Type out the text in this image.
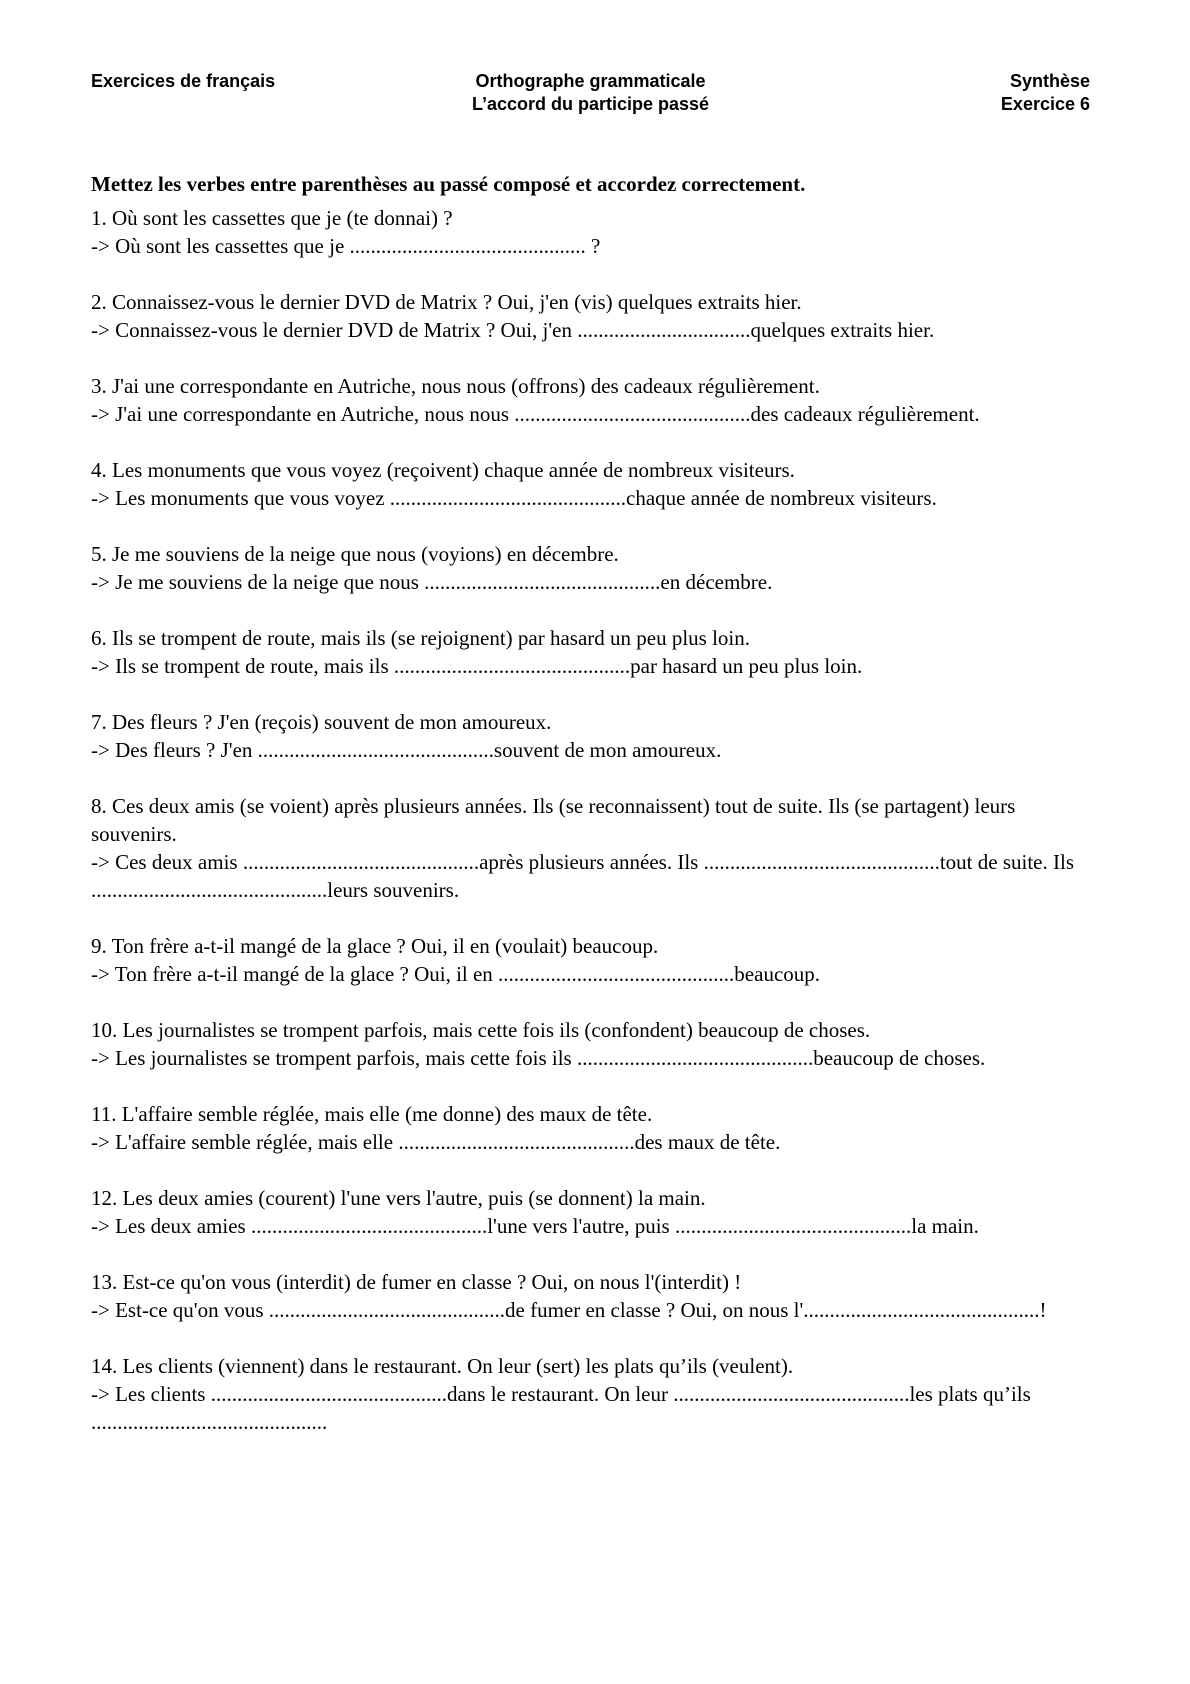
Exercices de français	Orthographe grammaticale
L’accord du participe passé
Synthèse
Exercice 6

Mettez les verbes entre parenthèses au passé composé et accordez correctement.

1. Où sont les cassettes que je (te donnai) ?

-> Où sont les cassettes que je ............................................. ?

2. Connaissez-vous le dernier DVD de Matrix ? Oui, j'en (vis) quelques extraits hier.

-> Connaissez-vous le dernier DVD de Matrix ? Oui, j'en .................................quelques extraits hier.

3. J'ai une correspondante en Autriche, nous nous (offrons) des cadeaux régulièrement.

-> J'ai une correspondante en Autriche, nous nous .............................................des cadeaux régulièrement.

4. Les monuments que vous voyez (reçoivent) chaque année de nombreux visiteurs.

-> Les monuments que vous voyez .............................................chaque année de nombreux visiteurs.

5. Je me souviens de la neige que nous (voyions) en décembre.

-> Je me souviens de la neige que nous .............................................en décembre.

6. Ils se trompent de route, mais ils (se rejoignent) par hasard un peu plus loin.

-> Ils se trompent de route, mais ils .............................................par hasard un peu plus loin.

7. Des fleurs ? J'en (reçois) souvent de mon amoureux.

-> Des fleurs ? J'en .............................................souvent de mon amoureux.

8. Ces deux amis (se voient) après plusieurs années. Ils (se reconnaissent) tout de suite. Ils (se partagent) leurs souvenirs.

-> Ces deux amis .............................................après plusieurs années. Ils .............................................tout de suite. Ils .............................................leurs souvenirs.

9. Ton frère a-t-il mangé de la glace ? Oui, il en (voulait) beaucoup.

-> Ton frère a-t-il mangé de la glace ? Oui, il en .............................................beaucoup.

10. Les journalistes se trompent parfois, mais cette fois ils (confondent) beaucoup de choses.

-> Les journalistes se trompent parfois, mais cette fois ils .............................................beaucoup de choses.

11. L'affaire semble réglée, mais elle (me donne) des maux de tête.

-> L'affaire semble réglée, mais elle .............................................des maux de tête.

12. Les deux amies (courent) l'une vers l'autre, puis (se donnent) la main.

-> Les deux amies .............................................l'une vers l'autre, puis .............................................la main.

13. Est-ce qu'on vous (interdit) de fumer en classe ? Oui, on nous l'(interdit) !

-> Est-ce qu'on vous .............................................de fumer en classe ? Oui, on nous l'.............................................!

14. Les clients (viennent) dans le restaurant. On leur (sert) les plats qu’ils (veulent).

-> Les clients .............................................dans le restaurant. On leur .............................................les plats qu’ils .............................................
